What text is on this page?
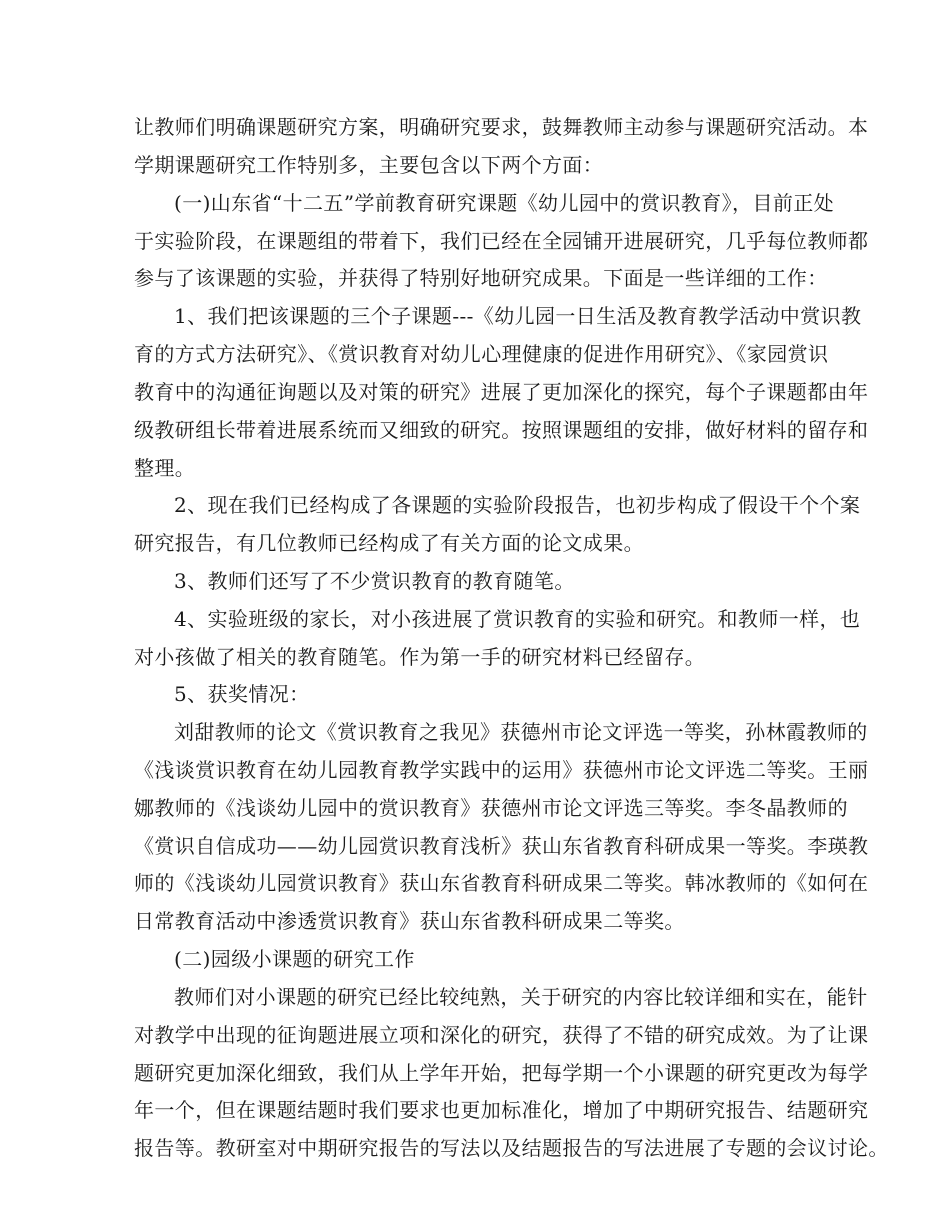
让教师们明确课题研究方案，明确研究要求，鼓舞教师主动参与课题研究活动。本
学期课题研究工作特别多，主要包含以下两个方面：
(一)山东省“十二五”学前教育研究课题《幼儿园中的赏识教育》，目前正处
于实验阶段，在课题组的带着下，我们已经在全园铺开进展研究，几乎每位教师都
参与了该课题的实验，并获得了特别好地研究成果。下面是一些详细的工作：
1、我们把该课题的三个子课题---《幼儿园一日生活及教育教学活动中赏识教
育的方式方法研究》、《赏识教育对幼儿心理健康的促进作用研究》、《家园赏识
教育中的沟通征询题以及对策的研究》进展了更加深化的探究，每个子课题都由年
级教研组长带着进展系统而又细致的研究。按照课题组的安排，做好材料的留存和
整理。
2、现在我们已经构成了各课题的实验阶段报告，也初步构成了假设干个个案
研究报告，有几位教师已经构成了有关方面的论文成果。
3、教师们还写了不少赏识教育的教育随笔。
4、实验班级的家长，对小孩进展了赏识教育的实验和研究。和教师一样，也
对小孩做了相关的教育随笔。作为第一手的研究材料已经留存。
5、获奖情况：
刘甜教师的论文《赏识教育之我见》获德州市论文评选一等奖，孙林霞教师的
《浅谈赏识教育在幼儿园教育教学实践中的运用》获德州市论文评选二等奖。王丽
娜教师的《浅谈幼儿园中的赏识教育》获德州市论文评选三等奖。李冬晶教师的
《赏识自信成功——幼儿园赏识教育浅析》获山东省教育科研成果一等奖。李瑛教
师的《浅谈幼儿园赏识教育》获山东省教育科研成果二等奖。韩冰教师的《如何在
日常教育活动中渗透赏识教育》获山东省教科研成果二等奖。
(二)园级小课题的研究工作
教师们对小课题的研究已经比较纯熟，关于研究的内容比较详细和实在，能针
对教学中出现的征询题进展立项和深化的研究，获得了不错的研究成效。为了让课
题研究更加深化细致，我们从上学年开始，把每学期一个小课题的研究更改为每学
年一个，但在课题结题时我们要求也更加标准化，增加了中期研究报告、结题研究
报告等。教研室对中期研究报告的写法以及结题报告的写法进展了专题的会议讨论。
